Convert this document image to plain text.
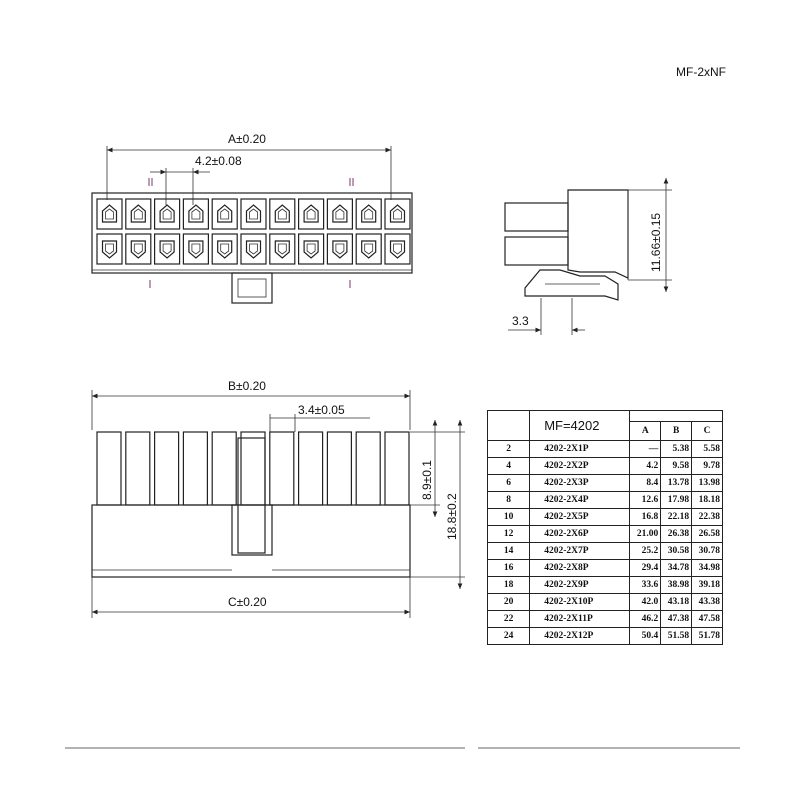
MF-2xNF
A±0.20
4.2±0.08
11.66±0.15
3.3
B±0.20
3.4±0.05
8.9±0.1
18.8±0.2
C±0.20
	MF=4202			
		A	B	C
2	4202-2X1P	—	5.38	5.58
4	4202-2X2P	4.2	9.58	9.78
6	4202-2X3P	8.4	13.78	13.98
8	4202-2X4P	12.6	17.98	18.18
10	4202-2X5P	16.8	22.18	22.38
12	4202-2X6P	21.00	26.38	26.58
14	4202-2X7P	25.2	30.58	30.78
16	4202-2X8P	29.4	34.78	34.98
18	4202-2X9P	33.6	38.98	39.18
20	4202-2X10P	42.0	43.18	43.38
22	4202-2X11P	46.2	47.38	47.58
24	4202-2X12P	50.4	51.58	51.78
